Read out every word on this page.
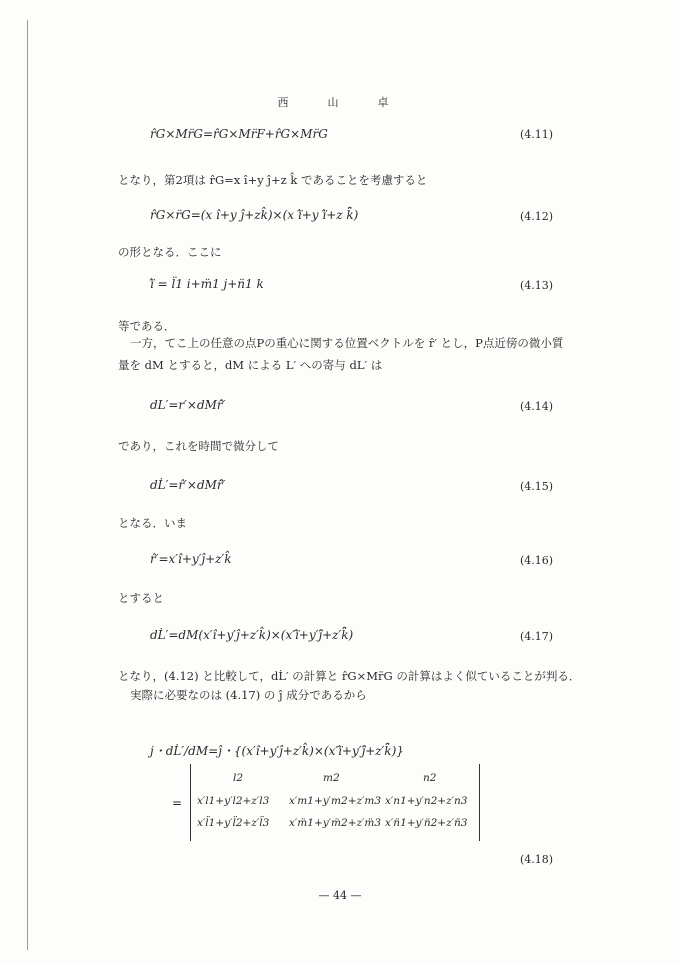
西　山　卓
r̂G×Mr̈G=r̂G×Mr̈F+r̂G×Mr̈G	(4.11)
となり，第2項は r̂G=x î+y ĵ+z k̂ であることを考慮すると
r̂G×r̈G=(x î+y ĵ+zk̂)×(x ï̂+y ï̂+z k̈̂)	(4.12)
の形となる．ここに
ï̂ = l̈1 i+m̈1 j+n̈1 k	(4.13)
等である．
一方，てこ上の任意の点Pの重心に関する位置ベクトルを r̂′ とし，P点近傍の微小質
量を dM とすると，dM による L′ への寄与 dL′ は
dL′=r′×dMr̂̇′	(4.14)
であり，これを時間で微分して
dL̇′=r̂′×dMr̂̈′	(4.15)
となる．いま
r̂′=x′î+y′ĵ+z′k̂	(4.16)
とすると
dL̇′=dM(x′î+y′ĵ+z′k̂)×(x′ï̂+y′j̈̂+z′k̈̂)	(4.17)
となり，(4.12) と比較して，dL̇′ の計算と r̂G×Mr̈G の計算はよく似ていることが判る．
実際に必要なのは (4.17) の ĵ 成分であるから
j・dL̇′/dM=ĵ・{(x′î+y′ĵ+z′k̂)×(x′ï̂+y′j̈̂+z′k̈̂)}
=
l2	m2	n2
x′l1+y′l2+z′l3 x′m1+y′m2+z′m3 x′n1+y′n2+z′n3
x′l̈1+y′l̈2+z′l̈3 x′m̈1+y′m̈2+z′m̈3 x′n̈1+y′n̈2+z′n̈3
(4.18)
— 44 —
